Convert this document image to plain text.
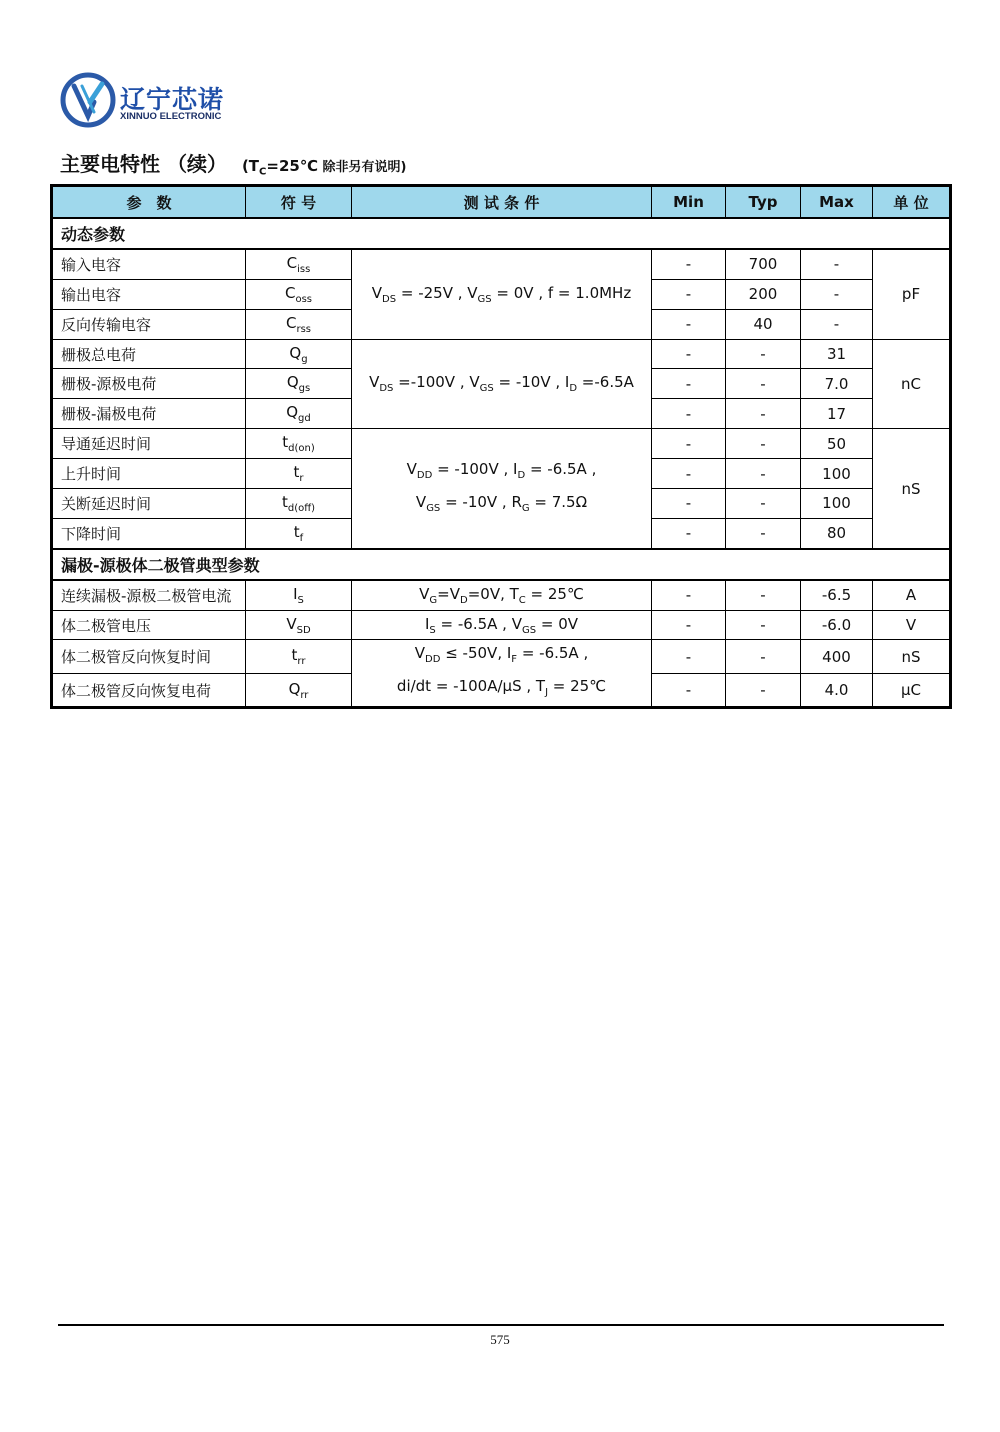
辽宁芯诺
XINNUO ELECTRONIC
主要电特性 （续） ($T_C=25℃$ 除非另有说明)
参　数	符 号	测 试 条 件	Min	Typ	Max	单 位
动态参数						
输入电容	$C_{iss}$	$V_{DS} = -25V$ , $V_{GS} = 0V$ , f = 1.0MHz	-	700	-	pF
输出电容	$C_{oss}$		-	200	-	
反向传输电容	$C_{rss}$		-	40	-	
栅极总电荷	$Q_g$	$V_{DS} =-100V$ , $V_{GS} = -10V$ , $I_D =-6.5A$	-	-	31	nC
栅极-源极电荷	$Q_{gs}$		-	-	7.0	
栅极-漏极电荷	$Q_{gd}$		-	-	17	
导通延迟时间	$t_{d(on)}$	$V_{DD} = -100V$ , $I_D = -6.5A$ ,
$V_{GS} = -10V$ , $R_G = 7.5\Omega$	-	-	50	nS
上升时间	$t_r$		-	-	100	
关断延迟时间	$t_{d(off)}$		-	-	100	
下降时间	$t_f$		-	-	80	
漏极-源极体二极管典型参数						
连续漏极-源极二极管电流	$I_S$	$V_G=V_D=0V$, $T_C$ = 25℃	-	-	-6.5	A
体二极管电压	$V_{SD}$	$I_S = -6.5A$ , $V_{GS} = 0V$	-	-	-6.0	V
体二极管反向恢复时间	$t_{rr}$	$V_{DD} \le -50V$, $I_F = -6.5A$ ,
di/dt = -100A/μS , $T_J$ = 25℃	-	-	400	nS
体二极管反向恢复电荷	$Q_{rr}$		-	-	4.0	μC
575
